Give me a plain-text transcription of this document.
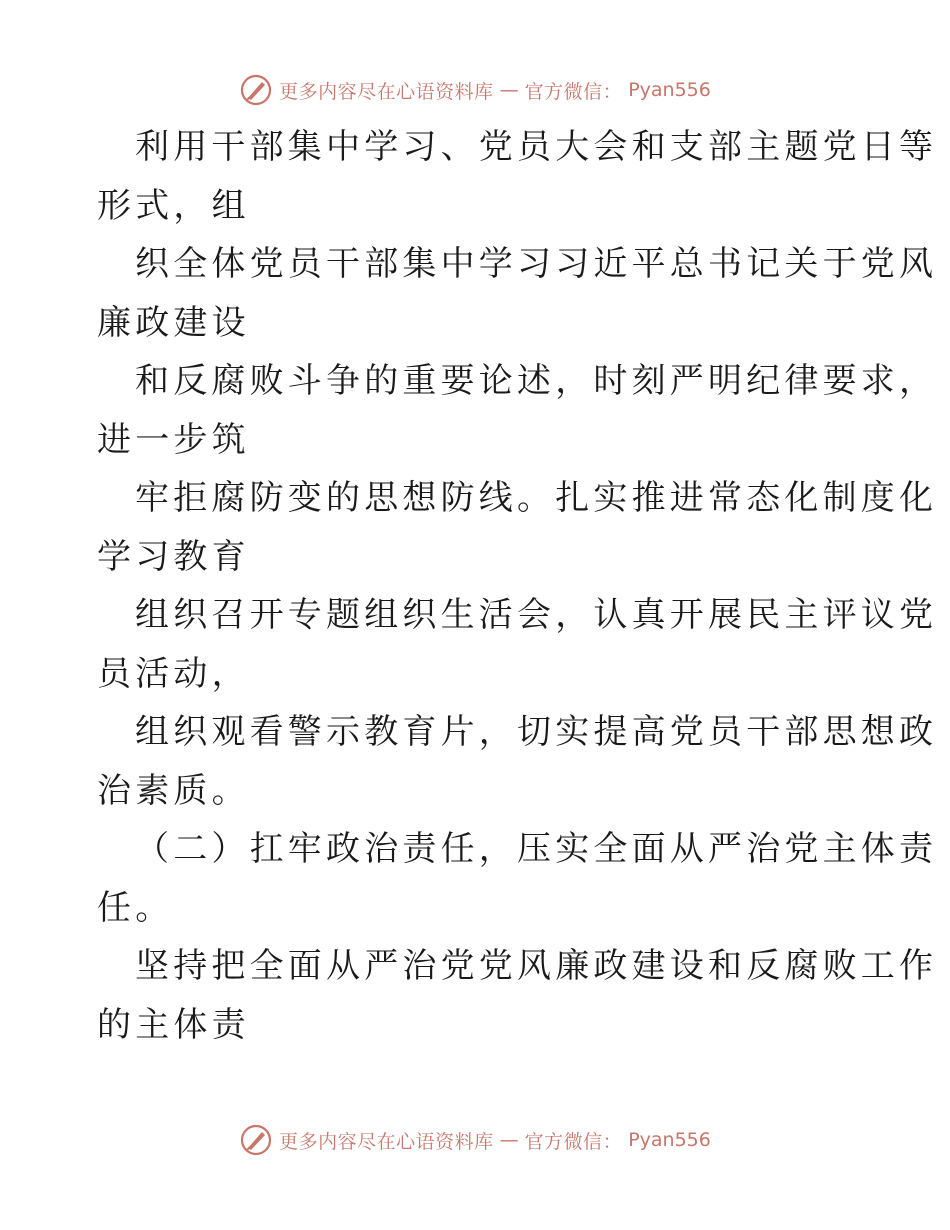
更多内容尽在心语资料库 — 官方微信： Pyan556
利用干部集中学习、党员大会和支部主题党日等
形式，组
织全体党员干部集中学习习近平总书记关于党风
廉政建设
和反腐败斗争的重要论述，时刻严明纪律要求，
进一步筑
牢拒腐防变的思想防线。扎实推进常态化制度化
学习教育
组织召开专题组织生活会，认真开展民主评议党
员活动，
组织观看警示教育片，切实提高党员干部思想政
治素质。
（二）扛牢政治责任，压实全面从严治党主体责
任。
坚持把全面从严治党党风廉政建设和反腐败工作
的主体责
更多内容尽在心语资料库 — 官方微信： Pyan556
